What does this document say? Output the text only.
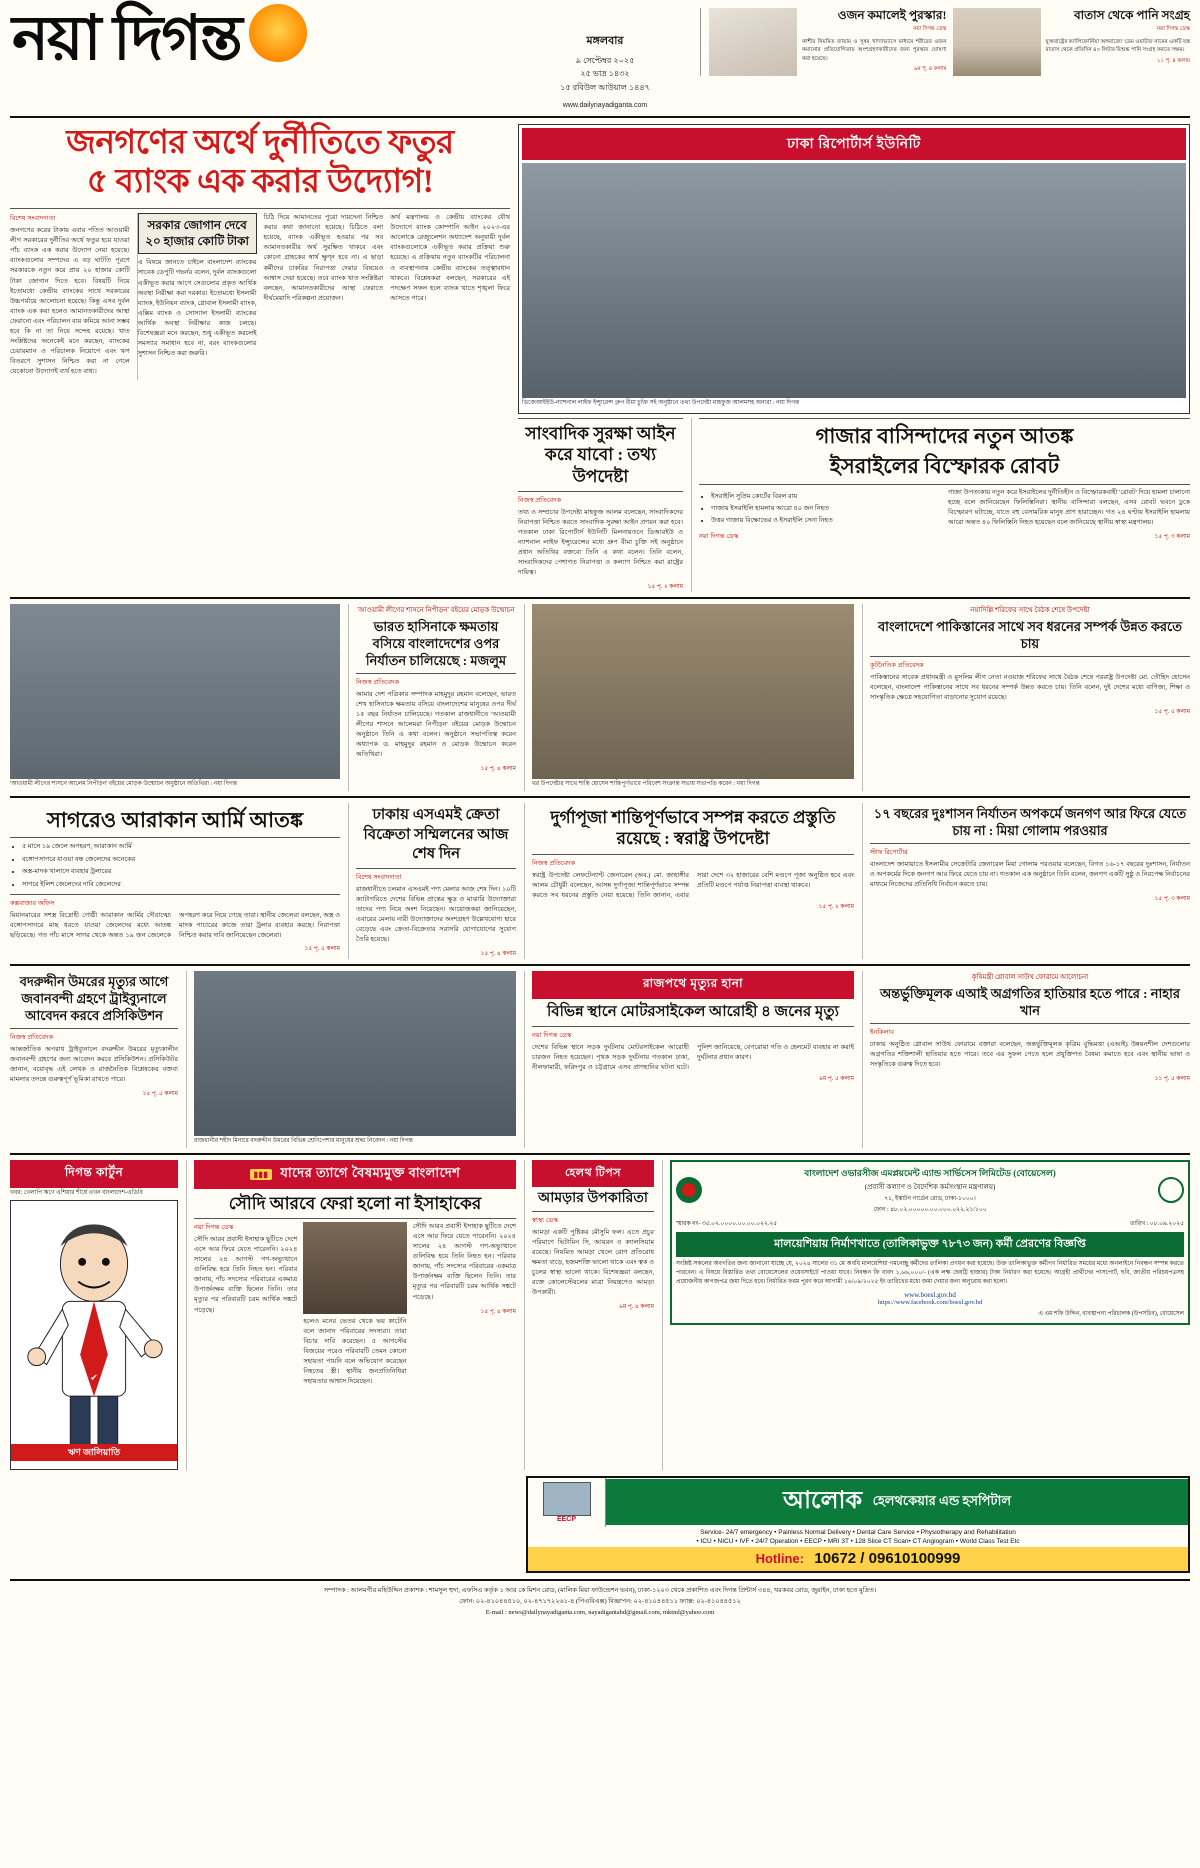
নয়া দিগন্ত	মঙ্গলবার
৯ সেপ্টেম্বর ২০২৫
২৫ ভাদ্র ১৪৩২
১৫ রবিউল আউয়াল ১৪৪৭
www.dailynayadiganta.com
ওজন কমালেই পুরস্কার!
নয়া দিগন্ত ডেস্ক
কাশীর নিয়মিত ব্যায়াম ও সুষম খাদ্যাভ্যাসে মাধ্যমে শরীরের ওজন কমানোর প্রতিযোগিতায় অংশগ্রহণকারীদের জন্য পুরস্কার ঘোষণা করা হয়েছে।
৯ম পৃ. ৪ কলাম
বাতাস থেকে পানি সংগ্রহ
নয়া দিগন্ত ডেস্ক
যুক্তরাষ্ট্রের ক্যালিফোর্নিয়া অঙ্গরাজ্যে 'ডেম ওয়াটার' নামের একটি যন্ত্র বাতাস থেকে প্রতিদিন ৪০ লিটার বিশুদ্ধ পানি সংগ্রহ করতে সক্ষম।
১১ পৃ. ৪ কলাম
জনগণের অর্থে দুর্নীতিতে ফতুর
৫ ব্যাংক এক করার উদ্যোগ!
বিশেষ সংবাদদাতা

জনগণের করের টাকায় এবার পতিত আওয়ামী লীগ সরকারের দুর্নীতির অর্থে ফতুর হয়ে যাওয়া পাঁচ ব্যাংক এক করার উদ্যোগ নেয়া হয়েছে। ব্যাংকগুলোর সম্পদের এ বড় ঘাটতি পূরণে সরকারকে নতুন করে প্রায় ২০ হাজার কোটি টাকা জোগান দিতে হবে। বিষয়টি নিয়ে ইতোমধ্যে কেন্দ্রীয় ব্যাংকের সাথে সরকারের উচ্চপর্যায়ে আলোচনা হয়েছে। কিন্তু এসব দুর্বল ব্যাংক এক করা হলেও আমানতকারীদের আস্থা ফেরানো এবং পরিচালন ব্যয় কমিয়ে আনা সম্ভব হবে কি না তা নিয়ে সন্দেহ রয়েছে। খাত সংশ্লিষ্টদের অনেকেই মনে করছেন, ব্যাংকের চেয়ারম্যান ও পরিচালক নিয়োগে এবং ঋণ বিতরণে সুশাসন নিশ্চিত করা না গেলে যেকোনো উদ্যোগই ব্যর্থ হতে বাধ্য।

সরকার জোগান দেবে
২০ হাজার কোটি টাকা

এ বিষয়ে জানতে চাইলে বাংলাদেশ ব্যাংকের সাবেক ডেপুটি গভর্নর বলেন, দুর্বল ব্যাংকগুলো একীভূত করার আগে সেগুলোর প্রকৃত আর্থিক অবস্থা নিরীক্ষা করা দরকার। ইতোমধ্যে ইসলামী ব্যাংক, ইউনিয়ন ব্যাংক, গ্লোবাল ইসলামী ব্যাংক, এক্সিম ব্যাংক ও সোস্যাল ইসলামী ব্যাংকের আর্থিক অবস্থা নিরীক্ষার কাজ চলছে। বিশেষজ্ঞরা মনে করছেন, শুধু একীভূত করলেই সমস্যার সমাধান হবে না, বরং ব্যাংকগুলোর সুশাসন নিশ্চিত করা জরুরি।

চিঠি দিয়ে আমানতের পুরো দায়দেনা নিশ্চিত করার কথা জানানো হয়েছে। চিঠিতে বলা হয়েছে, ব্যাংক একীভূত হওয়ার পর সব আমানতকারীর অর্থ সুরক্ষিত থাকবে এবং কোনো গ্রাহকের স্বার্থ ক্ষুণ্ন হবে না। এ ছাড়া কর্মীদের চাকরির নিরাপত্তা দেয়ার বিষয়েও আশ্বাস দেয়া হয়েছে। তবে ব্যাংক খাত সংশ্লিষ্টরা বলছেন, আমানতকারীদের আস্থা ফেরাতে দীর্ঘমেয়াদি পরিকল্পনা প্রয়োজন।

অর্থ মন্ত্রণালয় ও কেন্দ্রীয় ব্যাংকের যৌথ উদ্যোগে ব্যাংক কোম্পানি আইন ২০২৩-এর আলোকে রেজ্যুলেশন অধ্যাদেশ অনুযায়ী দুর্বল ব্যাংকগুলোকে একীভূত করার প্রক্রিয়া শুরু হয়েছে। এ প্রক্রিয়ায় নতুন ব্যাংকটির পরিচালনা ও ব্যবস্থাপনায় কেন্দ্রীয় ব্যাংকের তত্ত্বাবধান থাকবে। বিশ্লেষকরা বলছেন, সরকারের এই পদক্ষেপ সফল হলে ব্যাংক খাতে শৃঙ্খলা ফিরে আসতে পারে।

ঢাকা রিপোর্টার্স ইউনিটি
ডিজেআইইউ-ন্যাশনাল লাইফ ইন্স্যুরেন্স গ্রুপ বীমা চুক্তি সই অনুষ্ঠানে তথ্য উপদেষ্টা মাহফুজ আলমসহ অন্যরা : নয়া দিগন্ত
সাংবাদিক সুরক্ষা আইন করে যাবো : তথ্য উপদেষ্টা
নিজস্ব প্রতিবেদক

তথ্য ও সম্প্রচার উপদেষ্টা মাহফুজ আলম বলেছেন, সাংবাদিকদের নিরাপত্তা নিশ্চিত করতে সাংবাদিক সুরক্ষা আইন প্রণয়ন করা হবে। গতকাল ঢাকা রিপোর্টার্স ইউনিটি মিলনায়তনে ডিআরইউ ও ন্যাশনাল লাইফ ইন্স্যুরেন্সের মধ্যে গ্রুপ বীমা চুক্তি সই অনুষ্ঠানে প্রধান অতিথির বক্তব্যে তিনি এ কথা বলেন। তিনি বলেন, সাংবাদিকদের পেশাগত নিরাপত্তা ও কল্যাণ নিশ্চিত করা রাষ্ট্রের দায়িত্ব।

১৫ পৃ. ২ কলাম
গাজার বাসিন্দাদের নতুন আতঙ্ক
ইসরাইলের বিস্ফোরক রোবট
• ইসরাইলি সুপ্রিম কোর্টের বিরল রায়
• গাজায় ইসরাইলি হামলায় আরো ৪০ জন নিহত
• উত্তর গাজায় বিক্ষোভের ও ইসরাইলি সেনা নিহত
নয়া দিগন্ত ডেস্ক

গাজা উপত্যকায় নতুন করে ইসরাইলের দুর্নীতিহীন ও বিস্ফোরকবাহী 'রোবট' দিয়ে হামলা চালানো হচ্ছে বলে জানিয়েছেন ফিলিস্তিনিরা। স্থানীয় বাসিন্দারা বলছেন, এসব রোবট ভবনে ঢুকে বিস্ফোরণ ঘটাচ্ছে, যাতে বহু বেসামরিক মানুষ প্রাণ হারাচ্ছেন। গত ২৪ ঘণ্টায় ইসরাইলি হামলায় আরো অন্তত ৪০ ফিলিস্তিনি নিহত হয়েছেন বলে জানিয়েছে স্থানীয় স্বাস্থ্য মন্ত্রণালয়।

১৫ পৃ. ৩ কলাম
'আওয়ামী লীগের শাসনে আলেম নিপীড়ন' বইয়ের মোড়ক উন্মোচন অনুষ্ঠানে অতিথিরা : নয়া দিগন্ত
'আওয়ামী লীগের শাসনে নিপীড়ন' বইয়ের মোড়ক উন্মোচন
ভারত হাসিনাকে ক্ষমতায় বসিয়ে বাংলাদেশের ওপর নির্যাতন চালিয়েছে : মজলুম
নিজস্ব প্রতিবেদক

আমার দেশ পত্রিকার সম্পাদক মাহমুদুর রহমান বলেছেন, ভারত শেখ হাসিনাকে ক্ষমতায় বসিয়ে বাংলাদেশের মানুষের ওপর দীর্ঘ ১৫ বছর নির্যাতন চালিয়েছে। গতকাল রাজধানীতে 'আওয়ামী লীগের শাসনে আলেমরা নিপীড়ন' বইয়ের মোড়ক উন্মোচন অনুষ্ঠানে তিনি এ কথা বলেন। অনুষ্ঠানে সভাপতিত্ব করেন অধ্যাপক ড. মাহমুদুর রহমান ও মোড়ক উন্মোচন করেন অতিথিরা।

১৫ পৃ. ৪ কলাম
থর উপদেষ্টার সাথে শান্তি হোসেন শান্তিপূর্ণভাবে পরিবেশ সংক্রান্ত সভায় সভাপতি করেন : নয়া দিগন্ত
নয়াদিল্লি শরিফের সাথে বৈঠক শেষে উপদেষ্টা
বাংলাদেশে পাকিস্তানের সাথে সব ধরনের সম্পর্ক উন্নত করতে চায়
কূটনৈতিক প্রতিবেদক

পাকিস্তানের সাবেক প্রধানমন্ত্রী ও মুসলিম লীগ নেতা নওয়াজ শরিফের সাথে বৈঠক শেষে পররাষ্ট্র উপদেষ্টা মো. তৌহিদ হোসেন বলেছেন, বাংলাদেশ পাকিস্তানের সাথে সব ধরনের সম্পর্ক উন্নত করতে চায়। তিনি বলেন, দুই দেশের মধ্যে বাণিজ্য, শিক্ষা ও সাংস্কৃতিক ক্ষেত্রে সহযোগিতা বাড়ানোর সুযোগ রয়েছে।

১৫ পৃ. ৫ কলাম
সাগরেও আরাকান আর্মি আতঙ্ক
• ৫ মাসে ১৯ জেলে অপহরণ, আরাকান আর্মি
• বঙ্গোপসাগরে যাওয়া বন্ধ জেলেদের অনেকের
• অস্ত্র-মাদক খালাসে ব্যবহার ট্রলারের
• সাগরে ইলিশ জেলেদের দাবি জেলেদের
কক্সবাজার অফিস

মিয়ানমারের সশস্ত্র বিদ্রোহী গোষ্ঠী আরাকান আর্মির দৌরাত্ম্যে বঙ্গোপসাগরে মাছ ধরতে যাওয়া জেলেদের মধ্যে আতঙ্ক ছড়িয়েছে। গত পাঁচ মাসে সাগর থেকে অন্তত ১৯ জন জেলেকে অপহরণ করে নিয়ে গেছে তারা। স্থানীয় জেলেরা বলছেন, অস্ত্র ও মাদক পাচারের কাজে তারা ট্রলার ব্যবহার করছে। নিরাপত্তা নিশ্চিত করার দাবি জানিয়েছেন জেলেরা।

১৫ পৃ. ৫ কলাম
ঢাকায় এসএমই ক্রেতা বিক্রেতা সম্মিলনের আজ শেষ দিন
বিশেষ সংবাদদাতা

রাজধানীতে চলমান এসএমই পণ্য মেলার আজ শেষ দিন। ১০টি ক্যাটাগরিতে দেশের বিভিন্ন প্রান্তের ক্ষুদ্র ও মাঝারি উদ্যোক্তারা তাদের পণ্য নিয়ে অংশ নিয়েছেন। আয়োজকরা জানিয়েছেন, এবারের মেলায় নারী উদ্যোক্তাদের অংশগ্রহণ উল্লেখযোগ্য হারে বেড়েছে এবং ক্রেতা-বিক্রেতার সরাসরি যোগাযোগের সুযোগ তৈরি হয়েছে।

১৫ পৃ. ৪ কলাম
দুর্গাপূজা শান্তিপূর্ণভাবে সম্পন্ন করতে প্রস্তুতি রয়েছে : স্বরাষ্ট্র উপদেষ্টা
নিজস্ব প্রতিবেদক

স্বরাষ্ট্র উপদেষ্টা লেফটেন্যান্ট জেনারেল (অব.) মো. জাহাঙ্গীর আলম চৌধুরী বলেছেন, আসন্ন দুর্গাপূজা শান্তিপূর্ণভাবে সম্পন্ন করতে সব ধরনের প্রস্তুতি নেয়া হয়েছে। তিনি জানান, এবার সারা দেশে ৩২ হাজারের বেশি মণ্ডপে পূজা অনুষ্ঠিত হবে এবং প্রতিটি মণ্ডপে পর্যাপ্ত নিরাপত্তা ব্যবস্থা থাকবে।

১৫ পৃ. ২ কলাম
১৭ বছরের দুঃশাসন নির্যাতন অপকর্মে জনগণ আর ফিরে যেতে চায় না : মিয়া গোলাম পরওয়ার
স্টাফ রিপোর্টার

বাংলাদেশ জামায়াতে ইসলামীর সেক্রেটারি জেনারেল মিয়া গোলাম পরওয়ার বলেছেন, বিগত ১৬-১৭ বছরের দুঃশাসন, নির্যাতন ও অপকর্মের দিকে জনগণ আর ফিরে যেতে চায় না। গতকাল এক অনুষ্ঠানে তিনি বলেন, জনগণ একটি সুষ্ঠু ও নিরপেক্ষ নির্বাচনের মাধ্যমে নিজেদের প্রতিনিধি নির্বাচন করতে চায়।

১৫ পৃ. ৩ কলাম
বদরুদ্দীন উমরের মৃত্যুর আগে জবানবন্দী গ্রহণে ট্রাইব্যুনালে আবেদন করবে প্রসিকিউশন
নিজস্ব প্রতিবেদক

আন্তর্জাতিক অপরাধ ট্রাইব্যুনালে বদরুদ্দীন উমরের মৃত্যুকালীন জবানবন্দী গ্রহণের জন্য আবেদন করবে প্রসিকিউশন। প্রসিকিউটর জানান, বয়োবৃদ্ধ এই লেখক ও রাজনৈতিক বিশ্লেষকের বক্তব্য মামলার তদন্তে গুরুত্বপূর্ণ ভূমিকা রাখতে পারে।

১৫ পৃ. ৫ কলাম
রাজধানীর শহীদ মিনারে বদরুদ্দীন উমরের বিভিন্ন শ্রেণিপেশার মানুষের শ্রদ্ধা নিবেদন : নয়া দিগন্ত
রাজপথে মৃত্যুর হানা
বিভিন্ন স্থানে মোটরসাইকেল আরোহী ৪ জনের মৃত্যু
নয়া দিগন্ত ডেস্ক

দেশের বিভিন্ন স্থানে সড়ক দুর্ঘটনায় মোটরসাইকেল আরোহী চারজন নিহত হয়েছেন। পৃথক সড়ক দুর্ঘটনায় গতকাল ঢাকা, নীলফামারী, ফরিদপুর ও চট্টগ্রামে এসব প্রাণহানির ঘটনা ঘটে। পুলিশ জানিয়েছে, বেপরোয়া গতি ও হেলমেট ব্যবহার না করাই দুর্ঘটনার প্রধান কারণ।

৯ম পৃ. ৫ কলাম
কৃষিমন্ত্রী গ্লোবাল সাউথ ফোরামে আলোচনা
অন্তর্ভুক্তিমূলক এআই অগ্রগতির হাতিয়ার হতে পারে : নাহার খান
ইনকিলাব

ঢাকায় অনুষ্ঠিত গ্লোবাল সাউথ ফোরামে বক্তারা বলেছেন, অন্তর্ভুক্তিমূলক কৃত্রিম বুদ্ধিমত্তা (এআই) উন্নয়নশীল দেশগুলোর অগ্রগতির শক্তিশালী হাতিয়ার হতে পারে। তবে এর সুফল পেতে হলে প্রযুক্তিগত বৈষম্য কমাতে হবে এবং স্থানীয় ভাষা ও সংস্কৃতিকে গুরুত্ব দিতে হবে।

১১ পৃ. ৫ কলাম
দিগন্ত কার্টুন
খবর: খেলাপি ঋণে এশিয়ার শীর্ষে এখন বাংলাদেশ-এডিবি
✔
ঋণ জালিয়াতি
▮▮▮ যাদের ত্যাগে বৈষম্যমুক্ত বাংলাদেশ
সৌদি আরবে ফেরা হলো না ইসাহাকের
নয়া দিগন্ত ডেস্ক

সৌদি আরব প্রবাসী ইসাহাক ছুটিতে দেশে এসে আর ফিরে যেতে পারেননি। ২০২৪ সালের ২৪ আগস্ট গণ-অভ্যুত্থানে গুলিবিদ্ধ হয়ে তিনি নিহত হন। পরিবার জানায়, পাঁচ সদস্যের পরিবারের একমাত্র উপার্জনক্ষম ব্যক্তি ছিলেন তিনি। তার মৃত্যুর পর পরিবারটি চরম আর্থিক সঙ্কটে পড়েছে।

হলেও মনের ভেতর থেকে ভয় কাটেনি বলে জানান পরিবারের সদস্যরা। তারা বিচার দাবি করেছেন। ৫ আগস্টের বিজয়ের পরেও পরিবারটি তেমন কোনো সহায়তা পায়নি বলে অভিযোগ করেছেন নিহতের স্ত্রী। স্থানীয় জনপ্রতিনিধিরা সহায়তার আশ্বাস দিয়েছেন।

সৌদি আরব প্রবাসী ইসাহাক ছুটিতে দেশে এসে আর ফিরে যেতে পারেননি। ২০২৪ সালের ২৪ আগস্ট গণ-অভ্যুত্থানে গুলিবিদ্ধ হয়ে তিনি নিহত হন। পরিবার জানায়, পাঁচ সদস্যের পরিবারের একমাত্র উপার্জনক্ষম ব্যক্তি ছিলেন তিনি। তার মৃত্যুর পর পরিবারটি চরম আর্থিক সঙ্কটে পড়েছে।

১৫ পৃ. ৪ কলাম
হেলথ টিপস
আমড়ার উপকারিতা
স্বাস্থ্য ডেস্ক

আমড়া একটি পুষ্টিকর মৌসুমি ফল। এতে প্রচুর পরিমাণে ভিটামিন সি, আয়রন ও ক্যালসিয়াম রয়েছে। নিয়মিত আমড়া খেলে রোগ প্রতিরোধ ক্ষমতা বাড়ে, হজমশক্তি ভালো থাকে এবং ত্বক ও চুলের স্বাস্থ্য ভালো থাকে। বিশেষজ্ঞরা বলছেন, রক্তে কোলেস্টেরলের মাত্রা নিয়ন্ত্রণেও আমড়া উপকারী।

৯ম পৃ. ৪ কলাম
বাংলাদেশ ওভারসীজ এমপ্লয়মেন্ট এ্যান্ড সার্ভিসেস লিমিটেড (বোয়েসেল)
(প্রবাসী কল্যাণ ও বৈদেশিক কর্মসংস্থান মন্ত্রণালয়)
৭১, ইস্কাটন গার্ডেন রোড, ঢাকা-১০০০।
ফোন : ৪৮.০২.০০০০০.০০.০০০.০২২.২১/১০০
স্মারক নং- ৩৫.০২.০০০০.০০.০০.০২২.২৫	তারিখ : ০৮.০৯.২০২৫
মালয়েশিয়ায় নির্মাণখাতে (তালিকাভুক্ত ৭৮৭৩ জন) কর্মী প্রেরণের বিজ্ঞপ্তি

সংশ্লিষ্ট সকলের অবগতির জন্য জানানো যাচ্ছে যে, ২০২৪ সালের ৩১ মে অবধি মালয়েশিয়া গমনেচ্ছু কর্মীদের তালিকা প্রণয়ন করা হয়েছে। উক্ত তালিকাভুক্ত কর্মীগণ নির্ধারিত সময়ের মধ্যে অনলাইনে নিবন্ধন সম্পন্ন করতে পারবেন। এ বিষয়ে বিস্তারিত তথ্য বোয়েসেলের ওয়েবসাইটে পাওয়া যাবে। নিবন্ধন ফি বাবদ ১,৬৬,০০০/- (এক লক্ষ ছেষট্টি হাজার) টাকা নির্ধারণ করা হয়েছে। আগ্রহী প্রার্থীদের পাসপোর্ট, ছবি, জাতীয় পরিচয়পত্রসহ প্রয়োজনীয় কাগজপত্র জমা দিতে হবে। নির্ধারিত ফরম পূরণ করে আগামী ১৬/০৯/২০২৫ ইং তারিখের মধ্যে জমা দেয়ার জন্য অনুরোধ করা হলো।

www.boesl.gov.bd
https://www.facebook.com/boesl.gov.bd
এ এম শফি উদ্দিন, ব্যবস্থাপনা পরিচালক (উপসচিব), বোয়েসেল
EECP
আলোক হেলথকেয়ার এন্ড হসপিটাল
Service- 24/7 emergency • Painless Normal Delivery • Dental Care Service • Physiotherapy and Rehabilitation
• ICU • NICU • IVF • 24/7 Operation • EECP • MRI 3T • 128 Slice CT Scan• CT Angiogram • World Class Test Etc
Hotline: 10672 / 09610100999
সম্পাদক : আলমগীর মহিউদ্দিন প্রকাশক : শামসুল হুদা, এফসিএ কর্তৃক ১ আর কে মিশন রোড, (মালিক মিয়া ফাউন্ডেশন ভবন), ঢাকা-১২০৩ থেকে প্রকাশিত এবং দিগন্ত প্রিন্টার্স ৩৪৪, খরকবর রোড, জুরাইন, ঢাকা হতে মুদ্রিত।
ফোন: ০২-৪১০৪৪৫১০, ০২-৪৭১৭২২৬১-৪ (পিএবিএক্স) বিজ্ঞাপন: ০২-৪১০৪৪৫১১ ফ্যাক্স: ০২-৪১০৪৪৫১২
E-mail : news@dailynayadiganta.com, nayadigantabd@gmail.com, mktnd@yahoo.com
